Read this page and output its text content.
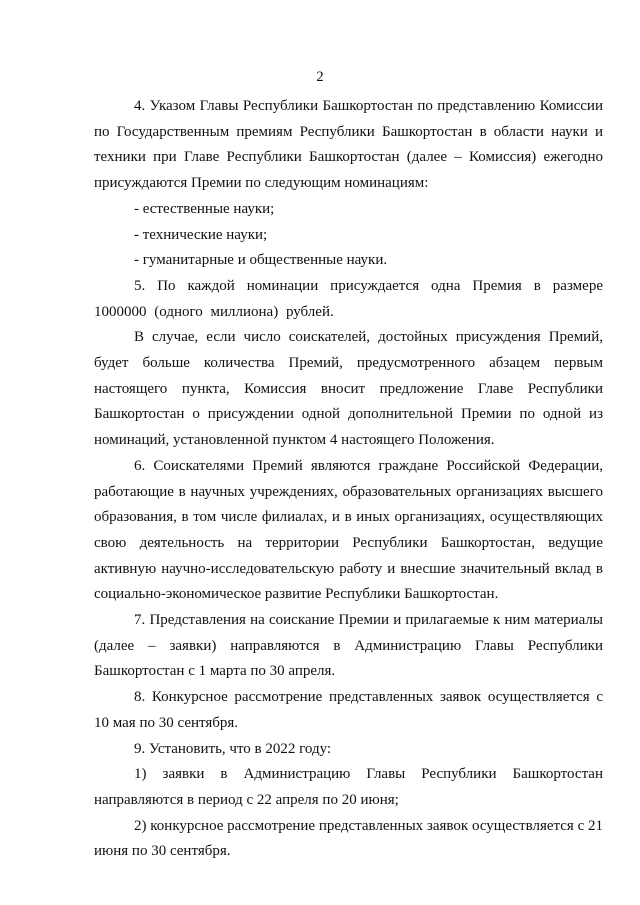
2

4. Указом Главы Республики Башкортостан по представлению Комиссии по Государственным премиям Республики Башкортостан в области науки и техники при Главе Республики Башкортостан (далее – Комиссия) ежегодно присуждаются Премии по следующим номинациям:

- естественные науки;

- технические науки;

- гуманитарные и общественные науки.

5. По каждой номинации присуждается одна Премия в размере 1000000 (одного миллиона) рублей.

В случае, если число соискателей, достойных присуждения Премий, будет больше количества Премий, предусмотренного абзацем первым настоящего пункта, Комиссия вносит предложение Главе Республики Башкортостан о присуждении одной дополнительной Премии по одной из номинаций, установленной пунктом 4 настоящего Положения.

6. Соискателями Премий являются граждане Российской Федерации, работающие в научных учреждениях, образовательных организациях высшего образования, в том числе филиалах, и в иных организациях, осуществляющих свою деятельность на территории Республики Башкортостан, ведущие активную научно-исследовательскую работу и внесшие значительный вклад в социально-экономическое развитие Республики Башкортостан.

7. Представления на соискание Премии и прилагаемые к ним материалы (далее – заявки) направляются в Администрацию Главы Республики Башкортостан с 1 марта по 30 апреля.

8. Конкурсное рассмотрение представленных заявок осуществляется с 10 мая по 30 сентября.

9. Установить, что в 2022 году:

1) заявки в Администрацию Главы Республики Башкортостан направляются в период с 22 апреля по 20 июня;

2) конкурсное рассмотрение представленных заявок осуществляется с 21 июня по 30 сентября.
